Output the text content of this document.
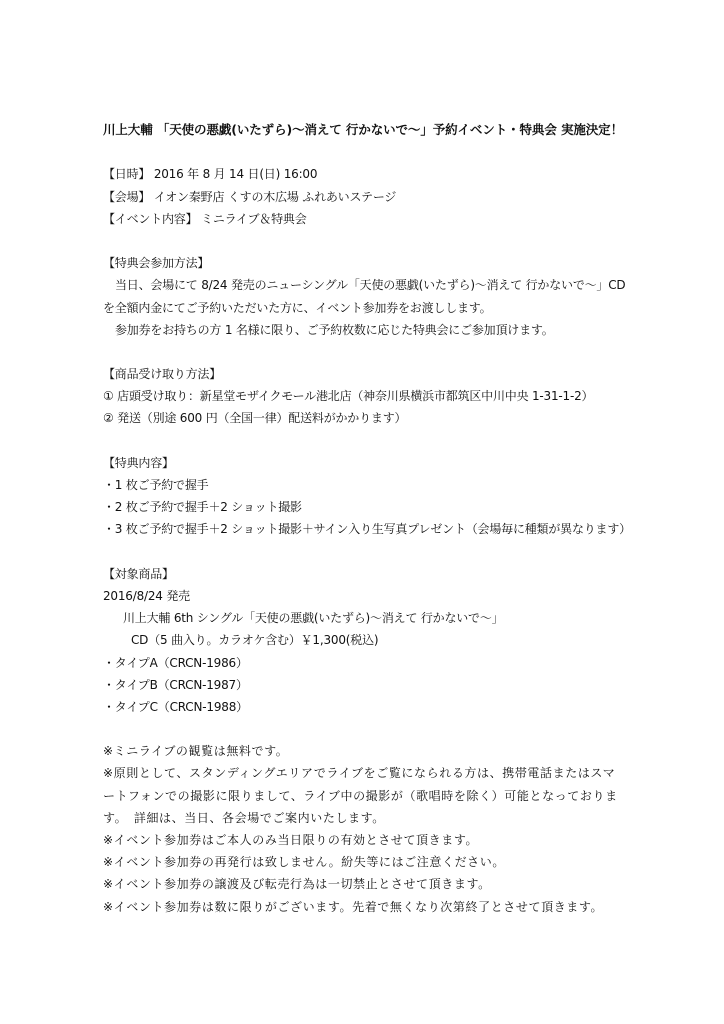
川上大輔 「天使の悪戯(いたずら)～消えて 行かないで～」予約イベント・特典会 実施決定！
【日時】 2016 年 8 月 14 日(日) 16:00
【会場】 イオン秦野店 くすの木広場 ふれあいステージ
【イベント内容】 ミニライブ＆特典会
【特典会参加方法】
当日、会場にて 8/24 発売のニューシングル「天使の悪戯(いたずら)～消えて 行かないで～」CD
を全額内金にてご予約いただいた方に、イベント参加券をお渡しします。
参加券をお持ちの方 1 名様に限り、ご予約枚数に応じた特典会にご参加頂けます。
【商品受け取り方法】
① 店頭受け取り：新星堂モザイクモール港北店（神奈川県横浜市都筑区中川中央 1-31-1-2）
② 発送（別途 600 円（全国一律）配送料がかかります）
【特典内容】
・1 枚ご予約で握手
・2 枚ご予約で握手＋2 ショット撮影
・3 枚ご予約で握手＋2 ショット撮影＋サイン入り生写真プレゼント（会場毎に種類が異なります）
【対象商品】
2016/8/24 発売
川上大輔 6th シングル「天使の悪戯(いたずら)～消えて 行かないで～」
CD（5 曲入り。カラオケ含む）￥1,300(税込)
・タイプA（CRCN-1986）
・タイプB（CRCN-1987）
・タイプC（CRCN-1988）
※ミニライブの観覧は無料です。
※原則として、スタンディングエリアでライブをご覧になられる方は、携帯電話またはスマ
ートフォンでの撮影に限りまして、ライブ中の撮影が（歌唱時を除く）可能となっておりま
す。　詳細は、当日、各会場でご案内いたします。
※イベント参加券はご本人のみ当日限りの有効とさせて頂きます。
※イベント参加券の再発行は致しません。紛失等にはご注意ください。
※イベント参加券の譲渡及び転売行為は一切禁止とさせて頂きます。
※イベント参加券は数に限りがございます。先着で無くなり次第終了とさせて頂きます。
